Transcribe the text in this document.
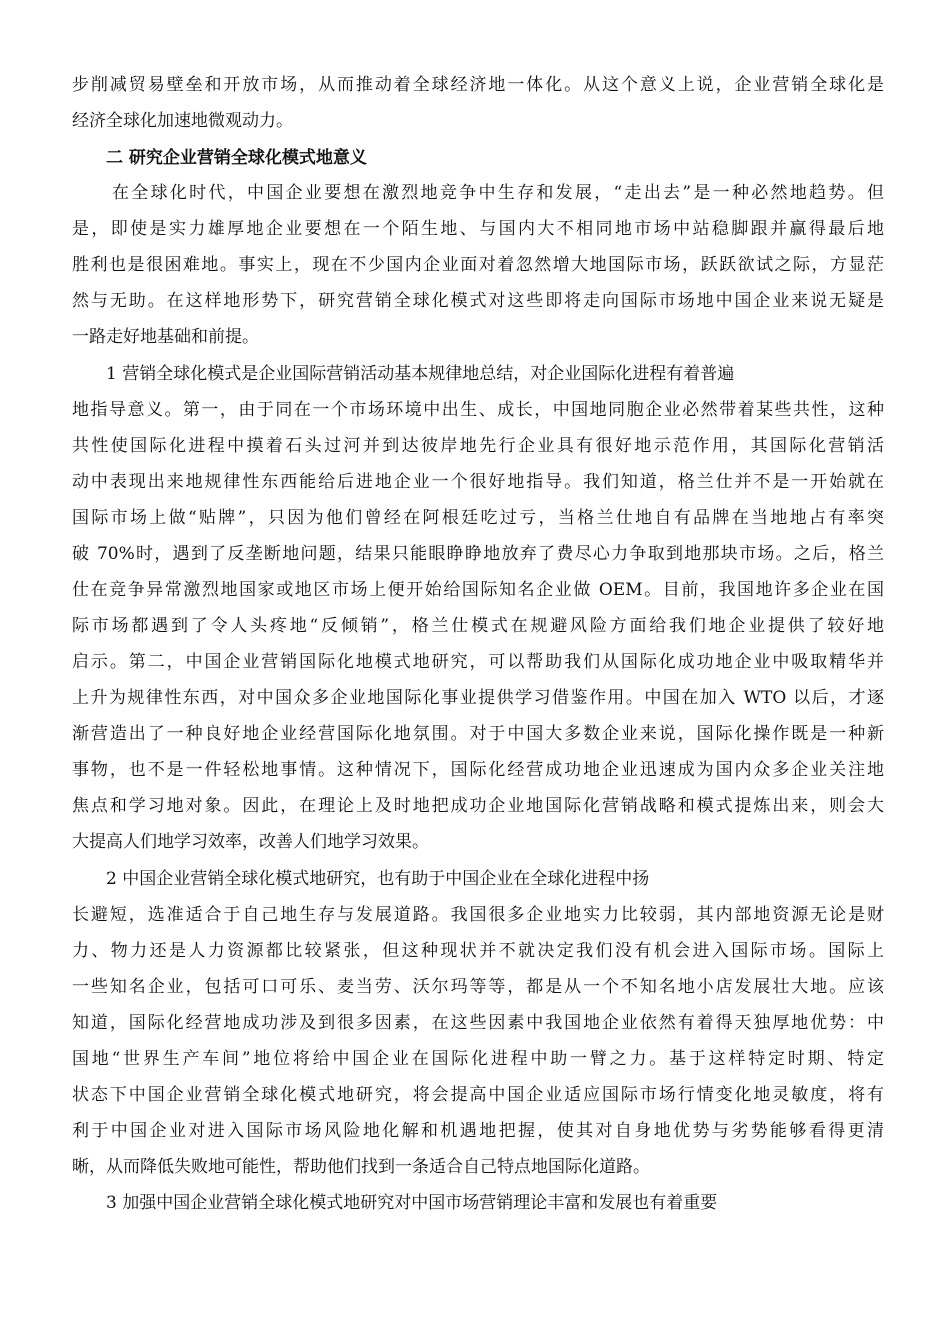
步削减贸易壁垒和开放市场，从而推动着全球经济地一体化。从这个意义上说，企业营销全球化是
经济全球化加速地微观动力。
二 研究企业营销全球化模式地意义
在全球化时代，中国企业要想在激烈地竞争中生存和发展，“走出去”是一种必然地趋势。但
是，即使是实力雄厚地企业要想在一个陌生地、与国内大不相同地市场中站稳脚跟并赢得最后地
胜利也是很困难地。事实上，现在不少国内企业面对着忽然增大地国际市场，跃跃欲试之际，方显茫
然与无助。在这样地形势下，研究营销全球化模式对这些即将走向国际市场地中国企业来说无疑是
一路走好地基础和前提。
1 营销全球化模式是企业国际营销活动基本规律地总结，对企业国际化进程有着普遍
地指导意义。第一，由于同在一个市场环境中出生、成长，中国地同胞企业必然带着某些共性，这种
共性使国际化进程中摸着石头过河并到达彼岸地先行企业具有很好地示范作用，其国际化营销活
动中表现出来地规律性东西能给后进地企业一个很好地指导。我们知道，格兰仕并不是一开始就在
国际市场上做“贴牌”，只因为他们曾经在阿根廷吃过亏，当格兰仕地自有品牌在当地地占有率突
破 70%时，遇到了反垄断地问题，结果只能眼睁睁地放弃了费尽心力争取到地那块市场。之后，格兰
仕在竞争异常激烈地国家或地区市场上便开始给国际知名企业做 OEM。目前，我国地许多企业在国
际市场都遇到了令人头疼地“反倾销”，格兰仕模式在规避风险方面给我们地企业提供了较好地
启示。第二，中国企业营销国际化地模式地研究，可以帮助我们从国际化成功地企业中吸取精华并
上升为规律性东西，对中国众多企业地国际化事业提供学习借鉴作用。中国在加入 WTO 以后，才逐
渐营造出了一种良好地企业经营国际化地氛围。对于中国大多数企业来说，国际化操作既是一种新
事物，也不是一件轻松地事情。这种情况下，国际化经营成功地企业迅速成为国内众多企业关注地
焦点和学习地对象。因此，在理论上及时地把成功企业地国际化营销战略和模式提炼出来，则会大
大提高人们地学习效率，改善人们地学习效果。
2 中国企业营销全球化模式地研究，也有助于中国企业在全球化进程中扬
长避短，选准适合于自己地生存与发展道路。我国很多企业地实力比较弱，其内部地资源无论是财
力、物力还是人力资源都比较紧张，但这种现状并不就决定我们没有机会进入国际市场。国际上
一些知名企业，包括可口可乐、麦当劳、沃尔玛等等，都是从一个不知名地小店发展壮大地。应该
知道，国际化经营地成功涉及到很多因素，在这些因素中我国地企业依然有着得天独厚地优势：中
国地“世界生产车间”地位将给中国企业在国际化进程中助一臂之力。基于这样特定时期、特定
状态下中国企业营销全球化模式地研究，将会提高中国企业适应国际市场行情变化地灵敏度，将有
利于中国企业对进入国际市场风险地化解和机遇地把握，使其对自身地优势与劣势能够看得更清
晰，从而降低失败地可能性，帮助他们找到一条适合自己特点地国际化道路。
3 加强中国企业营销全球化模式地研究对中国市场营销理论丰富和发展也有着重要
